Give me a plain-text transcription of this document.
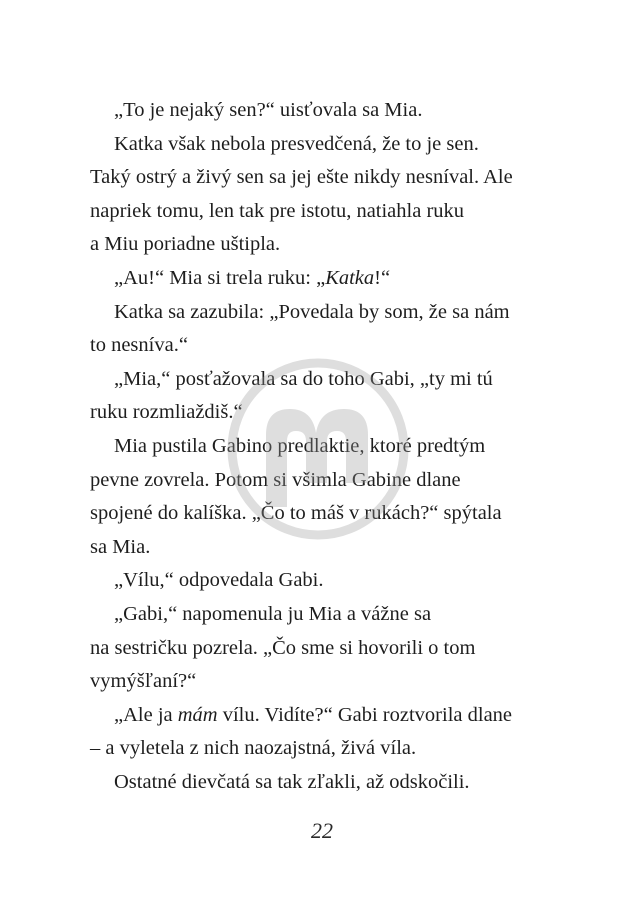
„To je nejaký sen?“ uisťovala sa Mia.

Katka však nebola presvedčená, že to je sen.
Taký ostrý a živý sen sa jej ešte nikdy nesníval. Ale
napriek tomu, len tak pre istotu, natiahla ruku
a Miu poriadne uštipla.

„Au!“ Mia si trela ruku: „Katka!“

Katka sa zazubila: „Povedala by som, že sa nám
to nesníva.“

„Mia,“ posťažovala sa do toho Gabi, „ty mi tú
ruku rozmliaždiš.“

Mia pustila Gabino predlaktie, ktoré predtým
pevne zovrela. Potom si všimla Gabine dlane
spojené do kalíška. „Čo to máš v rukách?“ spýtala
sa Mia.

„Vílu,“ odpovedala Gabi.

„Gabi,“ napomenula ju Mia a vážne sa
na sestričku pozrela. „Čo sme si hovorili o tom
vymýšľaní?“

„Ale ja mám vílu. Vidíte?“ Gabi roztvorila dlane
– a vyletela z nich naozajstná, živá víla.

Ostatné dievčatá sa tak zľakli, až odskočili.

22
